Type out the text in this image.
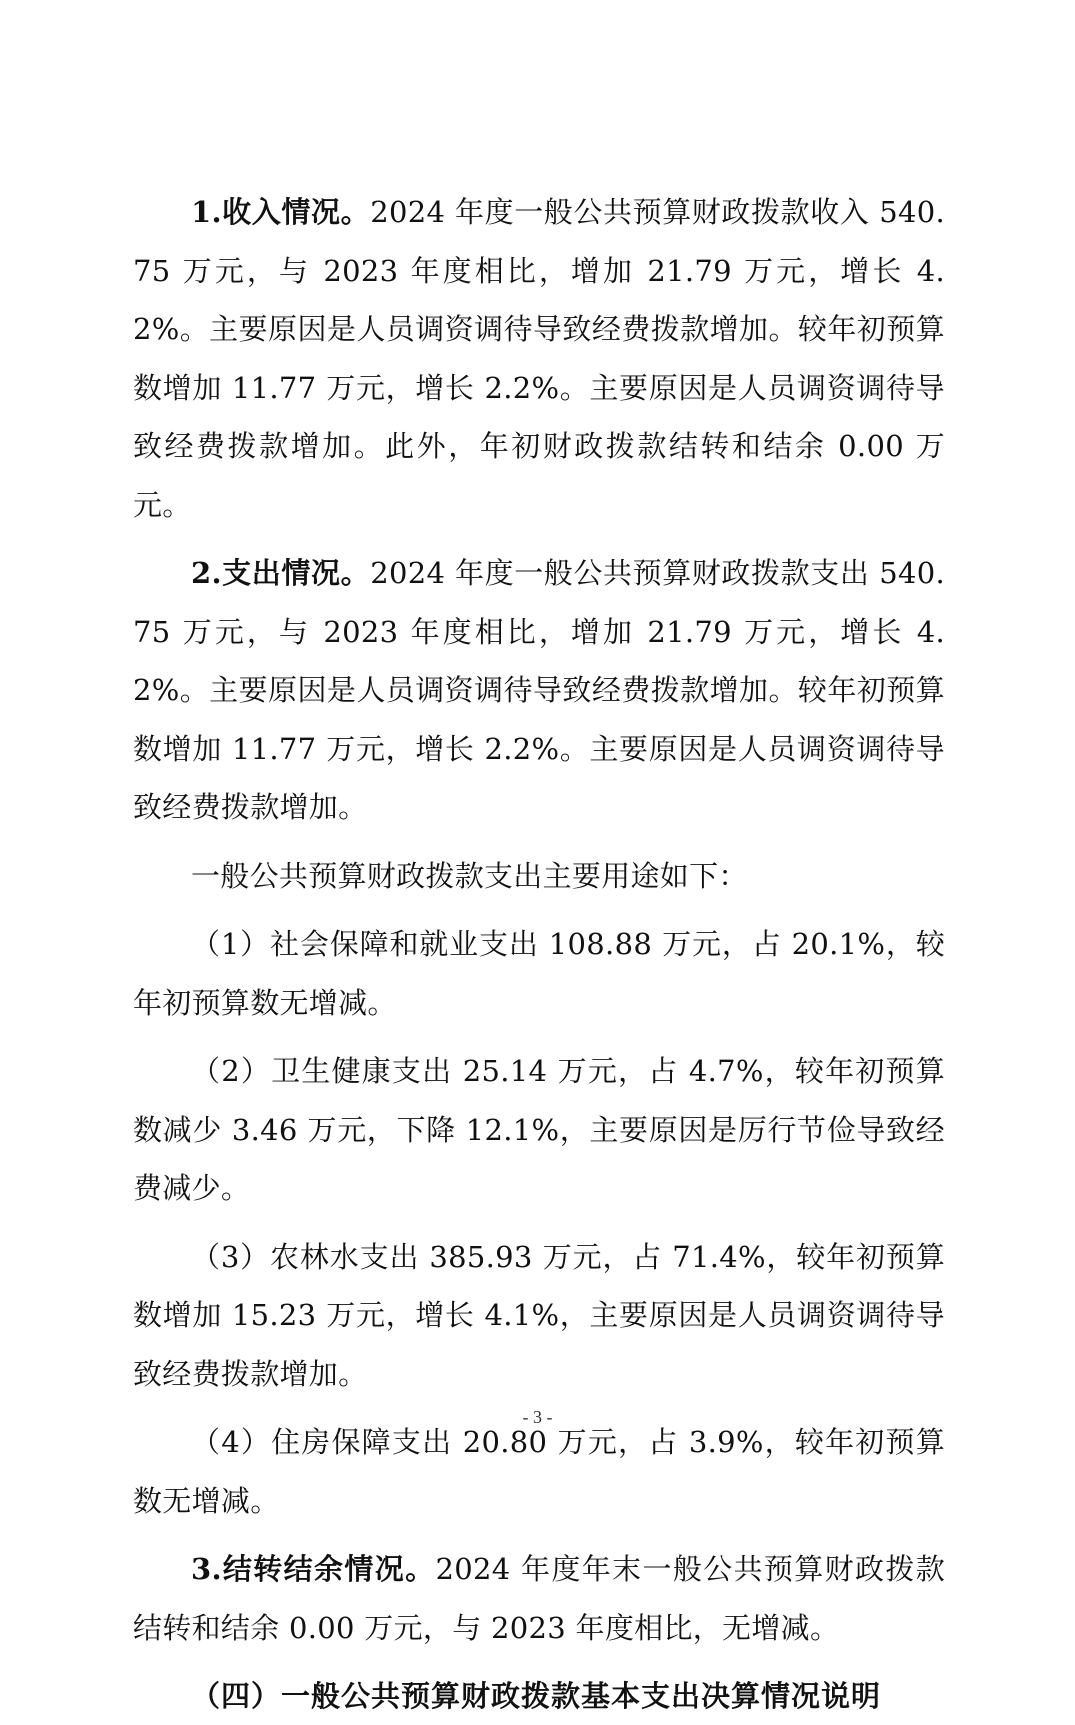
1.收入情况。2024 年度一般公共预算财政拨款收入 540.75 万元，与 2023 年度相比，增加 21.79 万元，增长 4.2%。主要原因是人员调资调待导致经费拨款增加。较年初预算数增加 11.77 万元，增长 2.2%。主要原因是人员调资调待导致经费拨款增加。此外，年初财政拨款结转和结余 0.00 万元。

2.支出情况。2024 年度一般公共预算财政拨款支出 540.75 万元，与 2023 年度相比，增加 21.79 万元，增长 4.2%。主要原因是人员调资调待导致经费拨款增加。较年初预算数增加 11.77 万元，增长 2.2%。主要原因是人员调资调待导致经费拨款增加。

一般公共预算财政拨款支出主要用途如下：

（1）社会保障和就业支出 108.88 万元，占 20.1%，较年初预算数无增减。

（2）卫生健康支出 25.14 万元，占 4.7%，较年初预算数减少 3.46 万元，下降 12.1%，主要原因是厉行节俭导致经费减少。

（3）农林水支出 385.93 万元，占 71.4%，较年初预算数增加 15.23 万元，增长 4.1%，主要原因是人员调资调待导致经费拨款增加。

（4）住房保障支出 20.80 万元，占 3.9%，较年初预算数无增减。

3.结转结余情况。2024 年度年末一般公共预算财政拨款结转和结余 0.00 万元，与 2023 年度相比，无增减。

（四）一般公共预算财政拨款基本支出决算情况说明
- 3 -
